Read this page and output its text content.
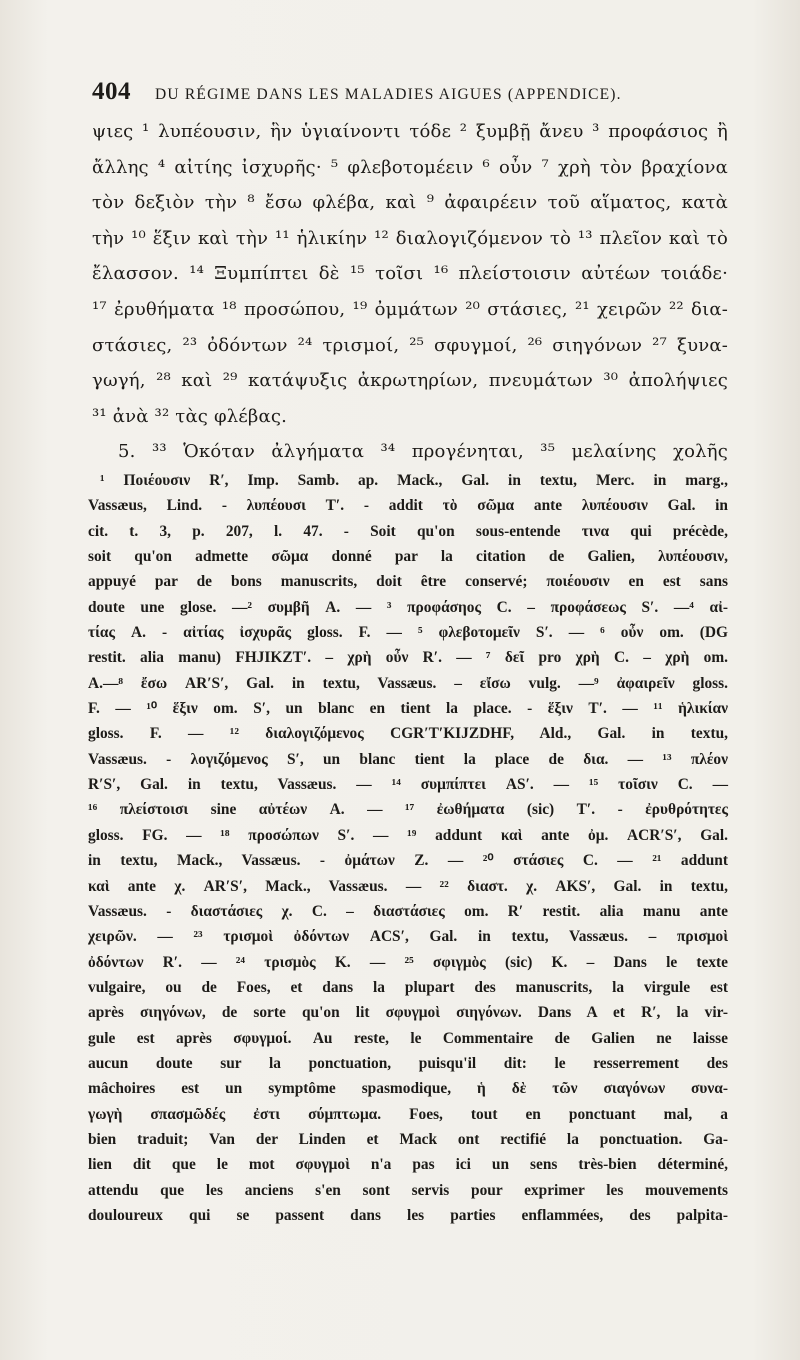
404 DU RÉGIME DANS LES MALADIES AIGUES (APPENDICE).
ψιες ¹ λυπέουσιν, ἣν ὑγιαίνοντι τόδε ² ξυμβῇ ἄνευ ³ προφάσιος ἢ
ἄλλης ⁴ αἰτίης ἰσχυρῆς· ⁵ φλεβοτομέειν ⁶ οὖν ⁷ χρὴ τὸν βραχίονα
τὸν δεξιὸν τὴν ⁸ ἔσω φλέβα, καὶ ⁹ ἀφαιρέειν τοῦ αἵματος, κατὰ
τὴν ¹⁰ ἕξιν καὶ τὴν ¹¹ ἡλικίην ¹² διαλογιζόμενον τὸ ¹³ πλεῖον καὶ τὸ
ἔλασσον. ¹⁴ Ξυμπίπτει δὲ ¹⁵ τοῖσι ¹⁶ πλείστοισιν αὐτέων τοιάδε·
¹⁷ ἐρυθήματα ¹⁸ προσώπου, ¹⁹ ὀμμάτων ²⁰ στάσιες, ²¹ χειρῶν ²² δια-
στάσιες, ²³ ὀδόντων ²⁴ τρισμοί, ²⁵ σφυγμοί, ²⁶ σιηγόνων ²⁷ ξυνα-
γωγή, ²⁸ καὶ ²⁹ κατάψυξις ἀκρωτηρίων, πνευμάτων ³⁰ ἀπολήψιες
³¹ ἀνὰ ³² τὰς φλέβας.
5. ³³ Ὁκόταν ἀλγήματα ³⁴ προγένηται, ³⁵ μελαίνης χολῆς
¹ Ποιέουσιν R′, Imp. Samb. ap. Mack., Gal. in textu, Merc. in marg.,
Vassæus, Lind. - λυπέουσι T′. - addit τὸ σῶμα ante λυπέουσιν Gal. in
cit. t. 3, p. 207, l. 47. - Soit qu'on sous-entende τινα qui précède,
soit qu'on admette σῶμα donné par la citation de Galien, λυπέουσιν,
appuyé par de bons manuscrits, doit être conservé; ποιέουσιν en est sans
doute une glose. —² συμβῆ A. — ³ προφάσηος C. – προφάσεως S′. —⁴ αἰ-
τίας A. - αἰτίας ἰσχυρᾶς gloss. F. — ⁵ φλεβοτομεῖν S′. — ⁶ οὖν om. (DG
restit. alia manu) FHJIKZT′. – χρὴ οὖν R′. — ⁷ δεῖ pro χρὴ C. – χρὴ om.
A.—⁸ ἔσω AR′S′, Gal. in textu, Vassæus. – εἴσω vulg. —⁹ ἀφαιρεῖν gloss.
F. — ¹⁰ ἕξιν om. S′, un blanc en tient la place. - ἕξιν T′. — ¹¹ ἡλικίαν
gloss. F. — ¹² διαλογιζόμενος CGR′T′KIJZDHF, Ald., Gal. in textu,
Vassæus. - λογιζόμενος S′, un blanc tient la place de δια. — ¹³ πλέον
R′S′, Gal. in textu, Vassæus. — ¹⁴ συμπίπτει AS′. — ¹⁵ τοῖσιν C. —
¹⁶ πλείστοισι sine αὐτέων A. — ¹⁷ ἐωθήματα (sic) T′. - ἐρυθρότητες
gloss. FG. — ¹⁸ προσώπων S′. — ¹⁹ addunt καὶ ante ὀμ. ACR′S′, Gal.
in textu, Mack., Vassæus. - ὀμάτων Z. — ²⁰ στάσιες C. — ²¹ addunt
καὶ ante χ. AR′S′, Mack., Vassæus. — ²² διαστ. χ. AKS′, Gal. in textu,
Vassæus. - διαστάσιες χ. C. – διαστάσιες om. R′ restit. alia manu ante
χειρῶν. — ²³ τρισμοὶ ὀδόντων ACS′, Gal. in textu, Vassæus. – πρισμοὶ
ὀδόντων R′. — ²⁴ τρισμὸς K. — ²⁵ σφιγμὸς (sic) K. – Dans le texte
vulgaire, ou de Foes, et dans la plupart des manuscrits, la virgule est
après σιηγόνων, de sorte qu'on lit σφυγμοὶ σιηγόνων. Dans A et R′, la vir-
gule est après σφυγμοί. Au reste, le Commentaire de Galien ne laisse
aucun doute sur la ponctuation, puisqu'il dit: le resserrement des
mâchoires est un symptôme spasmodique, ἡ δὲ τῶν σιαγόνων συνα-
γωγὴ σπασμῶδές ἐστι σύμπτωμα. Foes, tout en ponctuant mal, a
bien traduit; Van der Linden et Mack ont rectifié la ponctuation. Ga-
lien dit que le mot σφυγμοὶ n'a pas ici un sens très-bien déterminé,
attendu que les anciens s'en sont servis pour exprimer les mouvements
douloureux qui se passent dans les parties enflammées, des palpita-
